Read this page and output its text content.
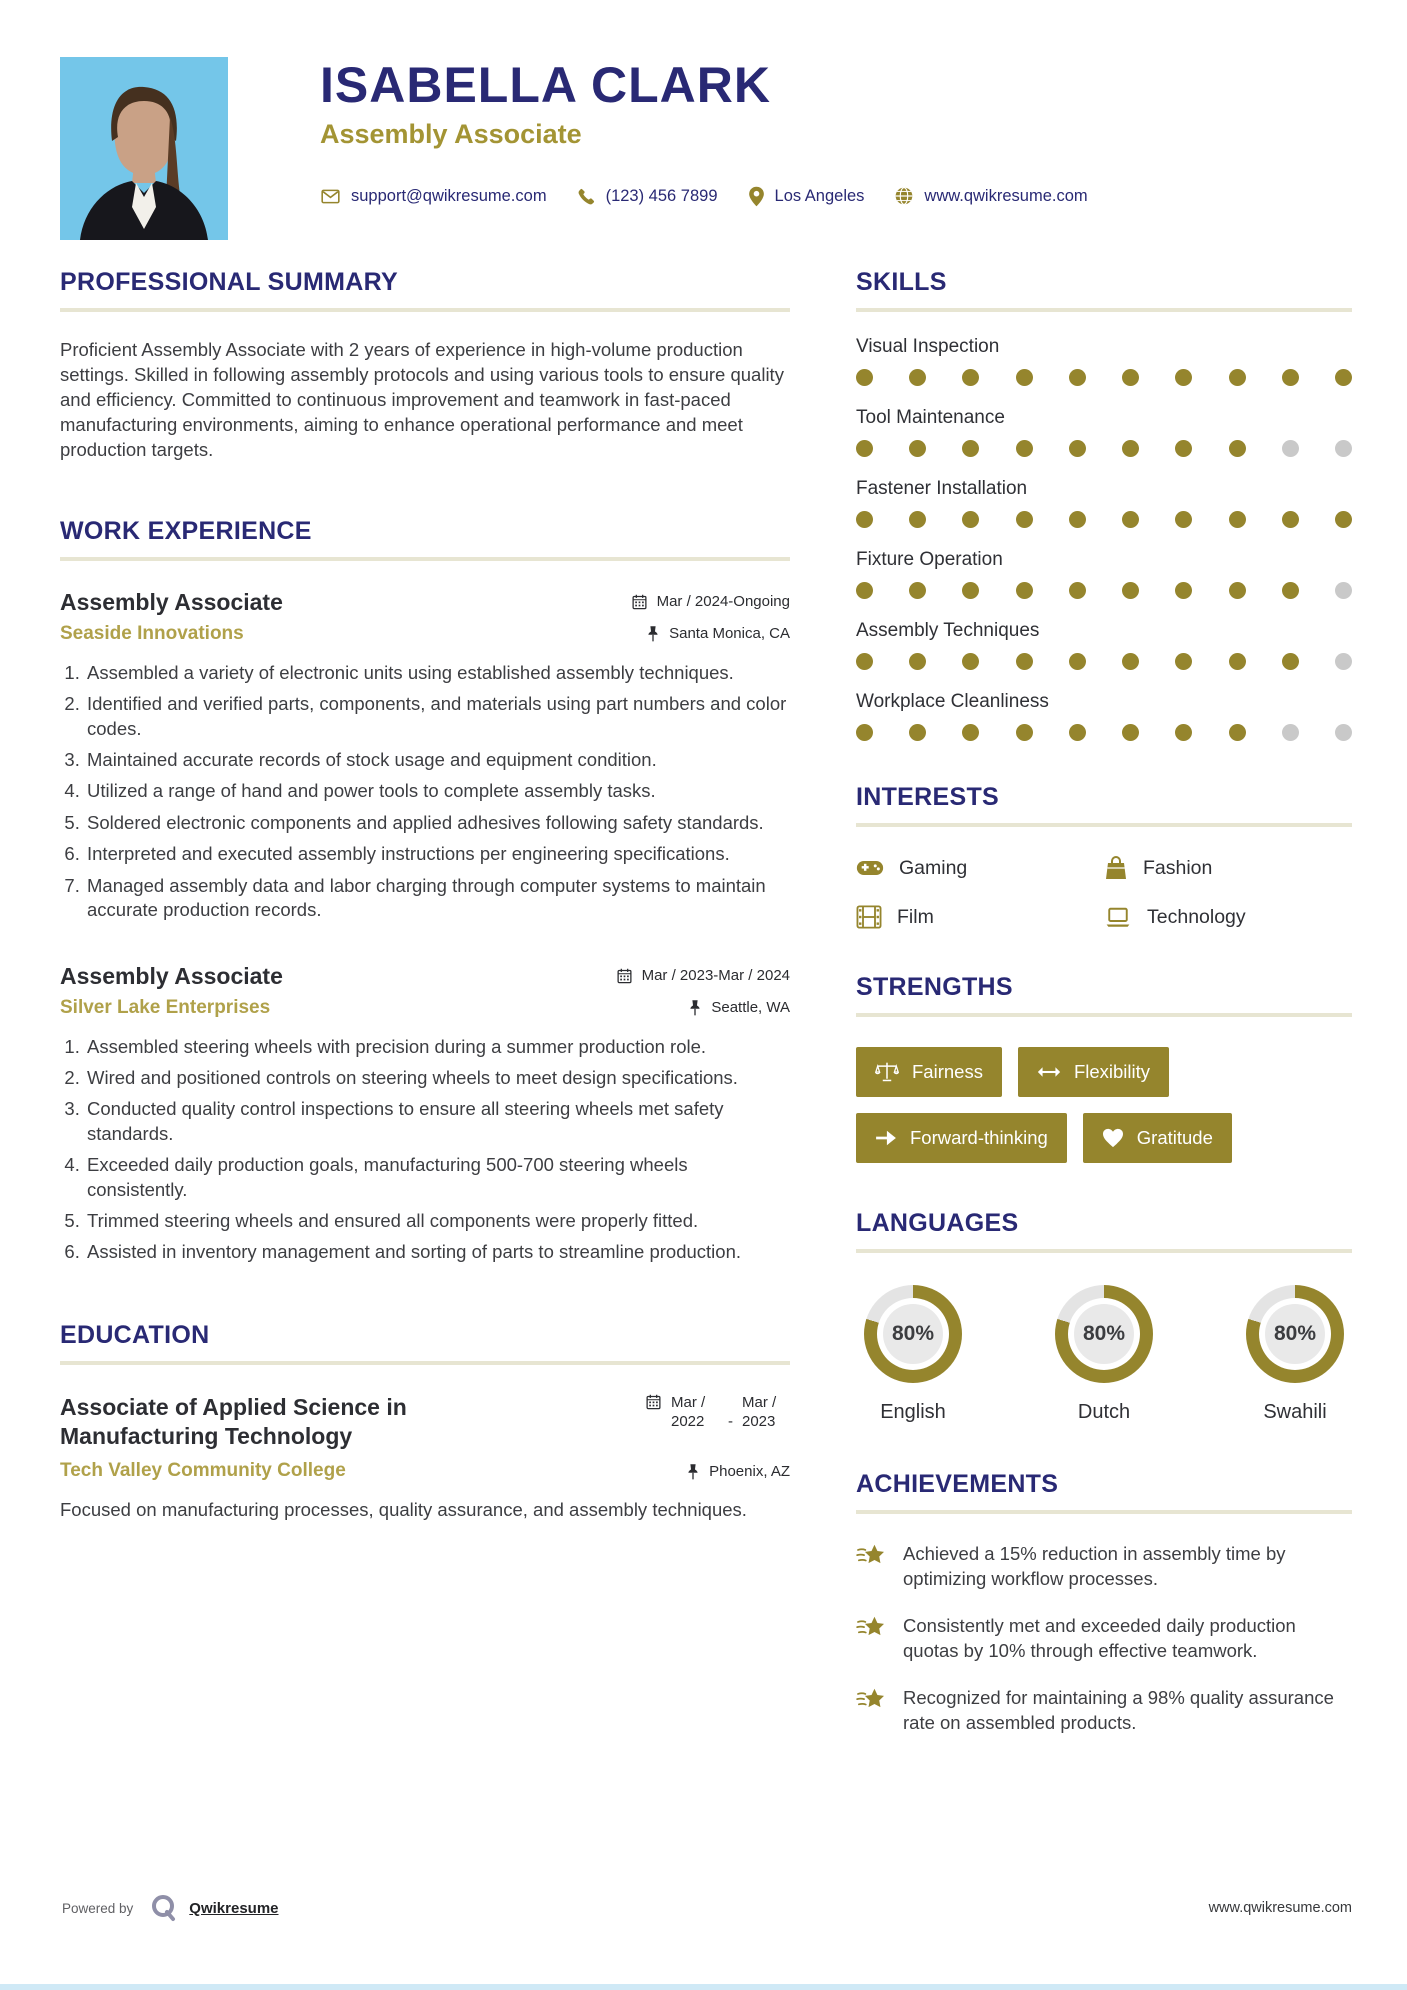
ISABELLA CLARK
Assembly Associate
support@qwikresume.com	(123) 456 7899	Los Angeles	www.qwikresume.com
PROFESSIONAL SUMMARY

Proficient Assembly Associate with 2 years of experience in high-volume production settings. Skilled in following assembly protocols and using various tools to ensure quality and efficiency. Committed to continuous improvement and teamwork in fast-paced manufacturing environments, aiming to enhance operational performance and meet production targets.

WORK EXPERIENCE
Assembly Associate	Mar / 2024-Ongoing
Seaside Innovations	Santa Monica, CA
1. Assembled a variety of electronic units using established assembly techniques.
2. Identified and verified parts, components, and materials using part numbers and color codes.
3. Maintained accurate records of stock usage and equipment condition.
4. Utilized a range of hand and power tools to complete assembly tasks.
5. Soldered electronic components and applied adhesives following safety standards.
6. Interpreted and executed assembly instructions per engineering specifications.
7. Managed assembly data and labor charging through computer systems to maintain accurate production records.
Assembly Associate	Mar / 2023-Mar / 2024
Silver Lake Enterprises	Seattle, WA
1. Assembled steering wheels with precision during a summer production role.
2. Wired and positioned controls on steering wheels to meet design specifications.
3. Conducted quality control inspections to ensure all steering wheels met safety standards.
4. Exceeded daily production goals, manufacturing 500-700 steering wheels consistently.
5. Trimmed steering wheels and ensured all components were properly fitted.
6. Assisted in inventory management and sorting of parts to streamline production.
EDUCATION
Associate of Applied Science in Manufacturing Technology
Mar / 2022	-
Mar / 2023
Tech Valley Community College	Phoenix, AZ

Focused on manufacturing processes, quality assurance, and assembly techniques.

SKILLS
Visual Inspection
Tool Maintenance
Fastener Installation
Fixture Operation
Assembly Techniques
Workplace Cleanliness
INTERESTS
Gaming	Fashion
Film	Technology
STRENGTHS
Fairness	Flexibility
Forward-thinking	Gratitude
LANGUAGES
80%
English
80%
Dutch
80%
Swahili
ACHIEVEMENTS
Achieved a 15% reduction in assembly time by optimizing workflow processes.
Consistently met and exceeded daily production quotas by 10% through effective teamwork.
Recognized for maintaining a 98% quality assurance rate on assembled products.
Powered by	Qwikresume	www.qwikresume.com
